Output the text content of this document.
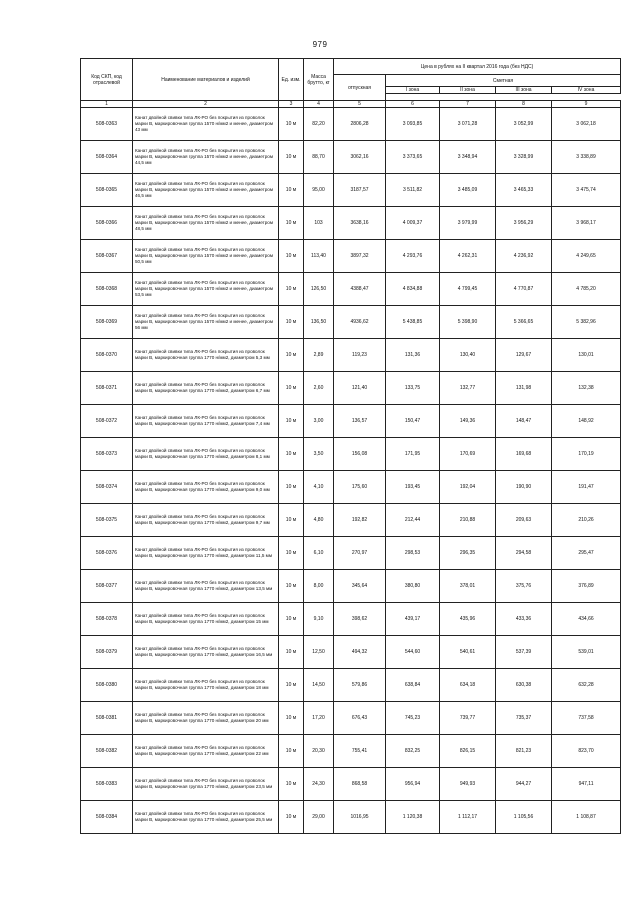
979
Код СКП, код отраслевой	Наименование материалов и изделий	Ед. изм.	Масса брутто, кг	Цена в рублях на II квартал 2016 года (без НДС)				
				отпускная	Сметная			
					I зона	II зона	III зона	IV зона

1	2	3	4	5	6	7	8	9
508-0363	Канат двойной свивки типа ЛК-РО без покрытия из проволок марки В, маркировочная группа 1570 н/мм2 и менее, диаметром 43 мм	10 м	82,20	2806,28	3 093,85	3 071,28	3 052,99	3 062,18
508-0364	Канат двойной свивки типа ЛК-РО без покрытия из проволок марки В, маркировочная группа 1570 н/мм2 и менее, диаметром 44,5 мм	10 м	88,70	3062,16	3 373,65	3 348,94	3 328,99	3 338,89
508-0365	Канат двойной свивки типа ЛК-РО без покрытия из проволок марки В, маркировочная группа 1570 н/мм2 и менее, диаметром 46,5 мм	10 м	95,00	3187,57	3 511,82	3 485,09	3 465,33	3 475,74
508-0366	Канат двойной свивки типа ЛК-РО без покрытия из проволок марки В, маркировочная группа 1570 н/мм2 и менее, диаметром 48,5 мм	10 м	103	3638,16	4 009,37	3 979,99	3 956,29	3 968,17
508-0367	Канат двойной свивки типа ЛК-РО без покрытия из проволок марки В, маркировочная группа 1570 н/мм2 и менее, диаметром 50,5 мм	10 м	113,40	3897,32	4 293,76	4 262,31	4 236,92	4 249,65
508-0368	Канат двойной свивки типа ЛК-РО без покрытия из проволок марки В, маркировочная группа 1570 н/мм2 и менее, диаметром 53,5 мм	10 м	126,50	4388,47	4 834,88	4 799,45	4 770,87	4 785,20
508-0369	Канат двойной свивки типа ЛК-РО без покрытия из проволок марки В, маркировочная группа 1570 н/мм2 и менее, диаметром 56 мм	10 м	136,50	4936,62	5 438,85	5 398,90	5 366,65	5 382,96
508-0370	Канат двойной свивки типа ЛК-РО без покрытия из проволок марки В, маркировочная группа 1770 н/мм2, диаметром 5,3 мм	10 м	2,89	119,23	131,36	130,40	129,67	130,01
508-0371	Канат двойной свивки типа ЛК-РО без покрытия из проволок марки В, маркировочная группа 1770 н/мм2, диаметром 6,7 мм	10 м	2,60	121,40	133,75	132,77	131,98	132,38
508-0372	Канат двойной свивки типа ЛК-РО без покрытия из проволок марки В, маркировочная группа 1770 н/мм2, диаметром 7,4 мм	10 м	3,00	136,57	150,47	149,36	148,47	148,92
508-0373	Канат двойной свивки типа ЛК-РО без покрытия из проволок марки В, маркировочная группа 1770 н/мм2, диаметром 8,1 мм	10 м	3,50	156,08	171,95	170,69	169,68	170,19
508-0374	Канат двойной свивки типа ЛК-РО без покрытия из проволок марки В, маркировочная группа 1770 н/мм2, диаметром 9,0 мм	10 м	4,10	175,60	193,45	192,04	190,90	191,47
508-0375	Канат двойной свивки типа ЛК-РО без покрытия из проволок марки В, маркировочная группа 1770 н/мм2, диаметром 9,7 мм	10 м	4,80	192,82	212,44	210,88	209,63	210,26
508-0376	Канат двойной свивки типа ЛК-РО без покрытия из проволок марки В, маркировочная группа 1770 н/мм2, диаметром 11,5 мм	10 м	6,10	270,97	298,53	296,35	294,58	295,47
508-0377	Канат двойной свивки типа ЛК-РО без покрытия из проволок марки В, маркировочная группа 1770 н/мм2, диаметром 13,5 мм	10 м	8,00	345,64	380,80	378,01	375,76	376,89
508-0378	Канат двойной свивки типа ЛК-РО без покрытия из проволок марки В, маркировочная группа 1770 н/мм2, диаметром 15 мм	10 м	9,10	398,62	439,17	435,96	433,36	434,66
508-0379	Канат двойной свивки типа ЛК-РО без покрытия из проволок марки В, маркировочная группа 1770 н/мм2, диаметром 16,5 мм	10 м	12,50	494,32	544,60	540,61	537,39	539,01
508-0380	Канат двойной свивки типа ЛК-РО без покрытия из проволок марки В, маркировочная группа 1770 н/мм2, диаметром 18 мм	10 м	14,50	579,86	638,84	634,18	630,38	632,28
508-0381	Канат двойной свивки типа ЛК-РО без покрытия из проволок марки В, маркировочная группа 1770 н/мм2, диаметром 20 мм	10 м	17,20	676,43	745,23	739,77	735,37	737,58
508-0382	Канат двойной свивки типа ЛК-РО без покрытия из проволок марки В, маркировочная группа 1770 н/мм2, диаметром 22 мм	10 м	20,30	755,41	832,25	826,15	821,23	823,70
508-0383	Канат двойной свивки типа ЛК-РО без покрытия из проволок марки В, маркировочная группа 1770 н/мм2, диаметром 23,5 мм	10 м	24,30	868,58	956,94	949,93	944,27	947,11
508-0384	Канат двойной свивки типа ЛК-РО без покрытия из проволок марки В, маркировочная группа 1770 н/мм2, диаметром 25,5 мм	10 м	29,00	1016,95	1 120,38	1 112,17	1 105,56	1 108,87
